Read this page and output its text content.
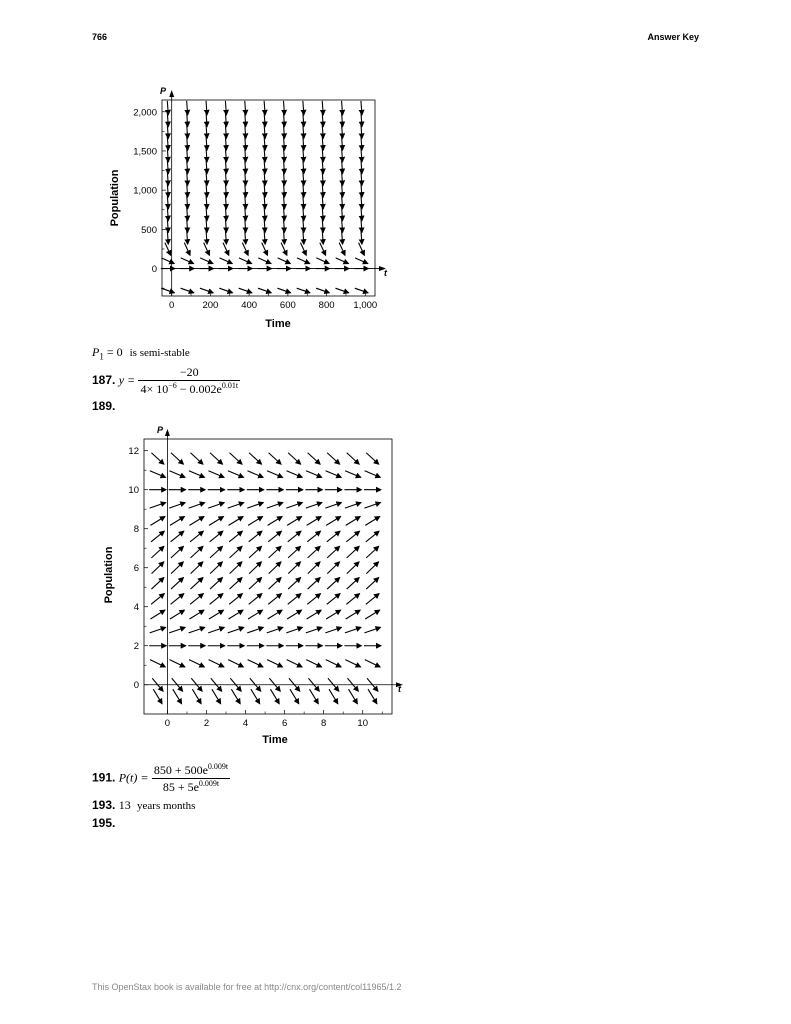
766	Answer Key
0	200 400 600 800 1,000
0
500
1,000
1,500
2,000
P
t
Time
Population
$P_1 = 0$ is semi-stable
187. $y = \frac{-20}{4\times 10^{-6} - 0.002e^{0.01t}}$
189.
0	2	4	6	8	10
0
2
4
6
8
10
12
P
t
Time
Population
191. $P(t) = \frac{850 + 500e^{0.009t}}{85 + 5e^{0.009t}}$
193. 13 years months
195.
This OpenStax book is available for free at http://cnx.org/content/col11965/1.2
